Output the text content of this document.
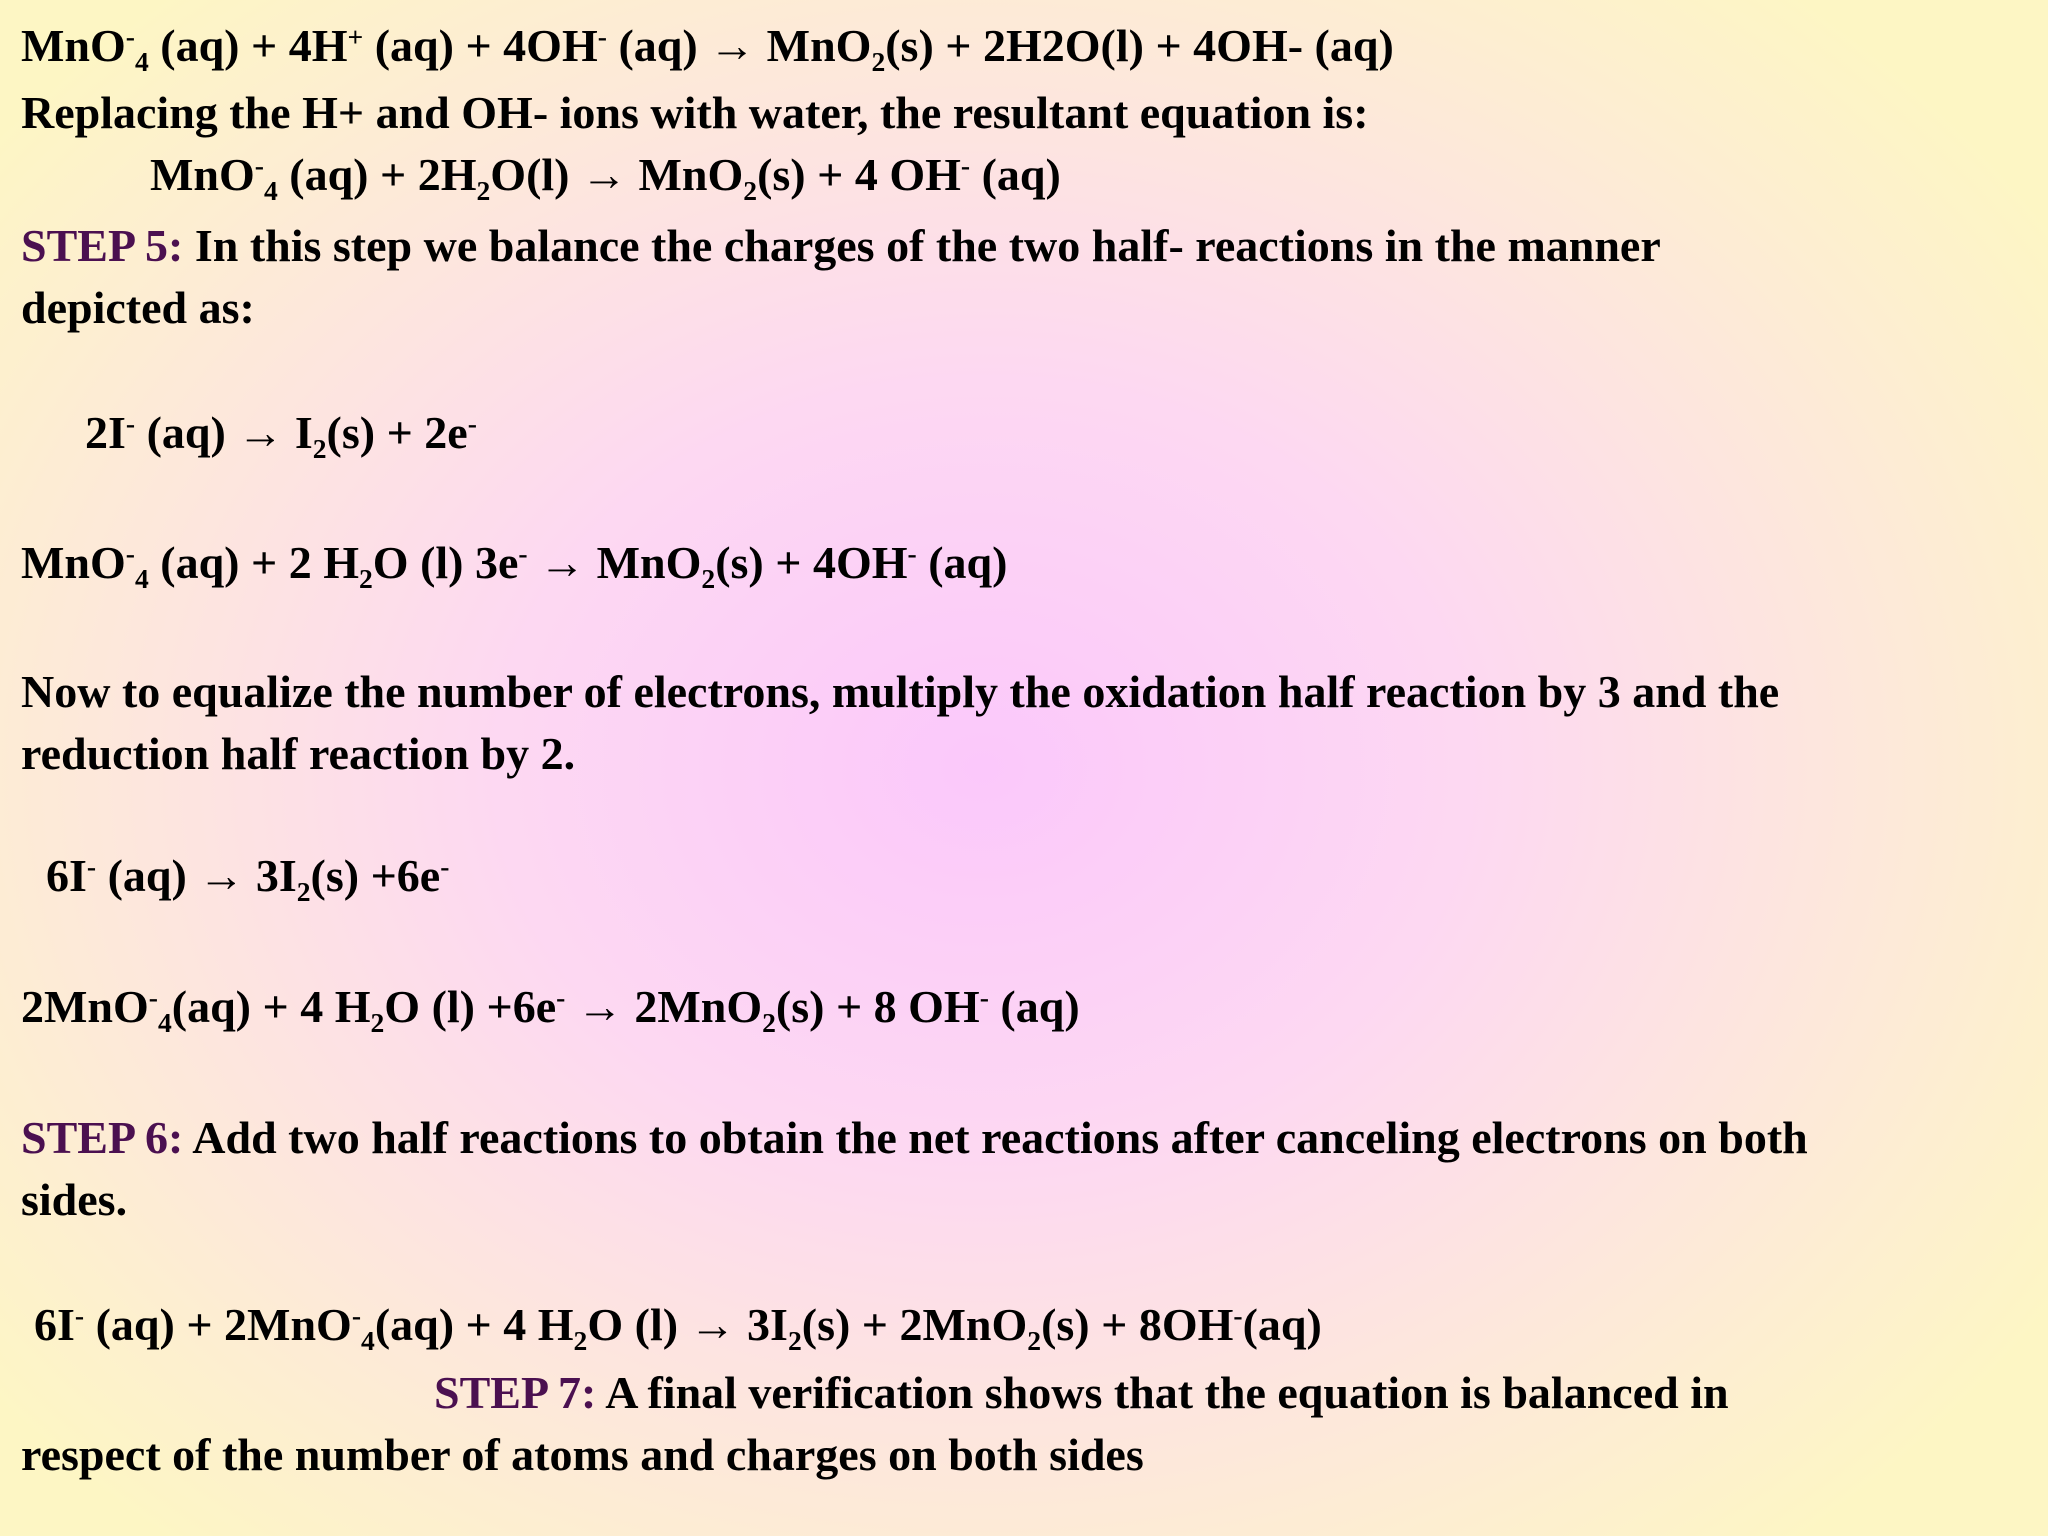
MnO-$_4$ (aq) + 4H+ (aq) + 4OH- (aq) → MnO$_2$(s) + 2H2O(l) + 4OH- (aq)
Replacing the H+ and OH- ions with water, the resultant equation is:
MnO-$_4$ $(aq) + 2H_2O(l) \to MnO_2(s) + 4$ OH- (aq)
STEP 5: In this step we balance the charges of the two half- reactions in the manner
depicted as:
2I- $(aq) \to I_2(s) + 2e^-$
MnO-$_4$ (aq) + 2 $H_2O$ (l) 3e- → MnO$_2$(s) + 4OH- (aq)
Now to equalize the number of electrons, multiply the oxidation half reaction by 3 and the
reduction half reaction by 2.
6I- $(aq) \to 3I_2(s) +6e^-$
2MnO-$_4$(aq) + 4 $H_2O$ (l) +6e- → 2MnO$_2$(s) + 8 OH- (aq)
STEP 6: Add two half reactions to obtain the net reactions after canceling electrons on both
sides.
6I- (aq) + 2MnO-$_4$(aq) + 4 $H_2O$ $(l) \to 3I_2(s) + 2MnO_2(s) + 8OH^-(aq)$
STEP 7: A final verification shows that the equation is balanced in
respect of the number of atoms and charges on both sides
